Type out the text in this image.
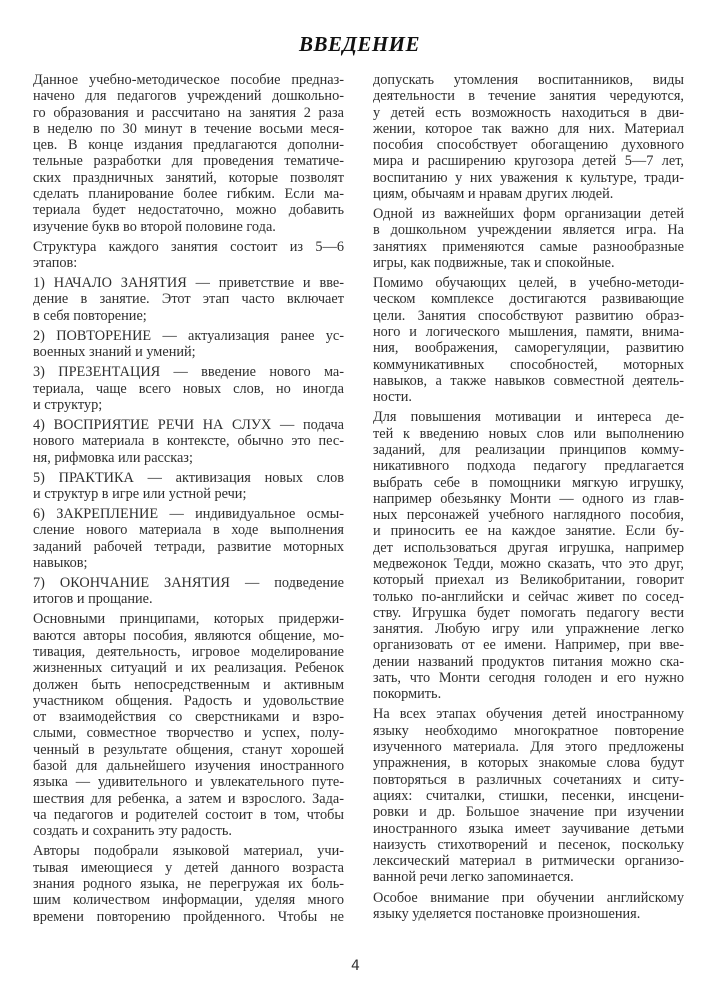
ВВЕДЕНИЕ
Данное учебно-методическое пособие предназ-
начено для педагогов учреждений дошкольно-
го образования и рассчитано на занятия 2 раза
в неделю по 30 минут в течение восьми меся-
цев. В конце издания предлагаются дополни-
тельные разработки для проведения тематиче-
ских праздничных занятий, которые позволят
сделать планирование более гибким. Если ма-
териала будет недостаточно, можно добавить
изучение букв во второй половине года.
Структура каждого занятия состоит из 5—6
этапов:
1) НАЧАЛО ЗАНЯТИЯ — приветствие и вве-
дение в занятие. Этот этап часто включает
в себя повторение;
2) ПОВТОРЕНИЕ — актуализация ранее ус-
военных знаний и умений;
3) ПРЕЗЕНТАЦИЯ — введение нового ма-
териала, чаще всего новых слов, но иногда
и структур;
4) ВОСПРИЯТИЕ РЕЧИ НА СЛУХ — подача
нового материала в контексте, обычно это пес-
ня, рифмовка или рассказ;
5) ПРАКТИКА — активизация новых слов
и структур в игре или устной речи;
6) ЗАКРЕПЛЕНИЕ — индивидуальное осмы-
сление нового материала в ходе выполнения
заданий рабочей тетради, развитие моторных
навыков;
7) ОКОНЧАНИЕ ЗАНЯТИЯ — подведение
итогов и прощание.
Основными принципами, которых придержи-
ваются авторы пособия, являются общение, мо-
тивация, деятельность, игровое моделирование
жизненных ситуаций и их реализация. Ребенок
должен быть непосредственным и активным
участником общения. Радость и удовольствие
от взаимодействия со сверстниками и взро-
слыми, совместное творчество и успех, полу-
ченный в результате общения, станут хорошей
базой для дальнейшего изучения иностранного
языка — удивительного и увлекательного путе-
шествия для ребенка, а затем и взрослого. Зада-
ча педагогов и родителей состоит в том, чтобы
создать и сохранить эту радость.
Авторы подобрали языковой материал, учи-
тывая имеющиеся у детей данного возраста
знания родного языка, не перегружая их боль-
шим количеством информации, уделяя много
времени повторению пройденного. Чтобы не
допускать утомления воспитанников, виды
деятельности в течение занятия чередуются,
у детей есть возможность находиться в дви-
жении, которое так важно для них. Материал
пособия способствует обогащению духовного
мира и расширению кругозора детей 5—7 лет,
воспитанию у них уважения к культуре, тради-
циям, обычаям и нравам других людей.
Одной из важнейших форм организации детей
в дошкольном учреждении является игра. На
занятиях применяются самые разнообразные
игры, как подвижные, так и спокойные.
Помимо обучающих целей, в учебно-методи-
ческом комплексе достигаются развивающие
цели. Занятия способствуют развитию образ-
ного и логического мышления, памяти, внима-
ния, воображения, саморегуляции, развитию
коммуникативных способностей, моторных
навыков, а также навыков совместной деятель-
ности.
Для повышения мотивации и интереса де-
тей к введению новых слов или выполнению
заданий, для реализации принципов комму-
никативного подхода педагогу предлагается
выбрать себе в помощники мягкую игрушку,
например обезьянку Монти — одного из глав-
ных персонажей учебного наглядного пособия,
и приносить ее на каждое занятие. Если бу-
дет использоваться другая игрушка, например
медвежонок Тедди, можно сказать, что это друг,
который приехал из Великобритании, говорит
только по-английски и сейчас живет по сосед-
ству. Игрушка будет помогать педагогу вести
занятия. Любую игру или упражнение легко
организовать от ее имени. Например, при вве-
дении названий продуктов питания можно ска-
зать, что Монти сегодня голоден и его нужно
покормить.
На всех этапах обучения детей иностранному
языку необходимо многократное повторение
изученного материала. Для этого предложены
упражнения, в которых знакомые слова будут
повторяться в различных сочетаниях и ситу-
ациях: считалки, стишки, песенки, инсцени-
ровки и др. Большое значение при изучении
иностранного языка имеет заучивание детьми
наизусть стихотворений и песенок, поскольку
лексический материал в ритмически организо-
ванной речи легко запоминается.
Особое внимание при обучении английскому
языку уделяется постановке произношения.
4
